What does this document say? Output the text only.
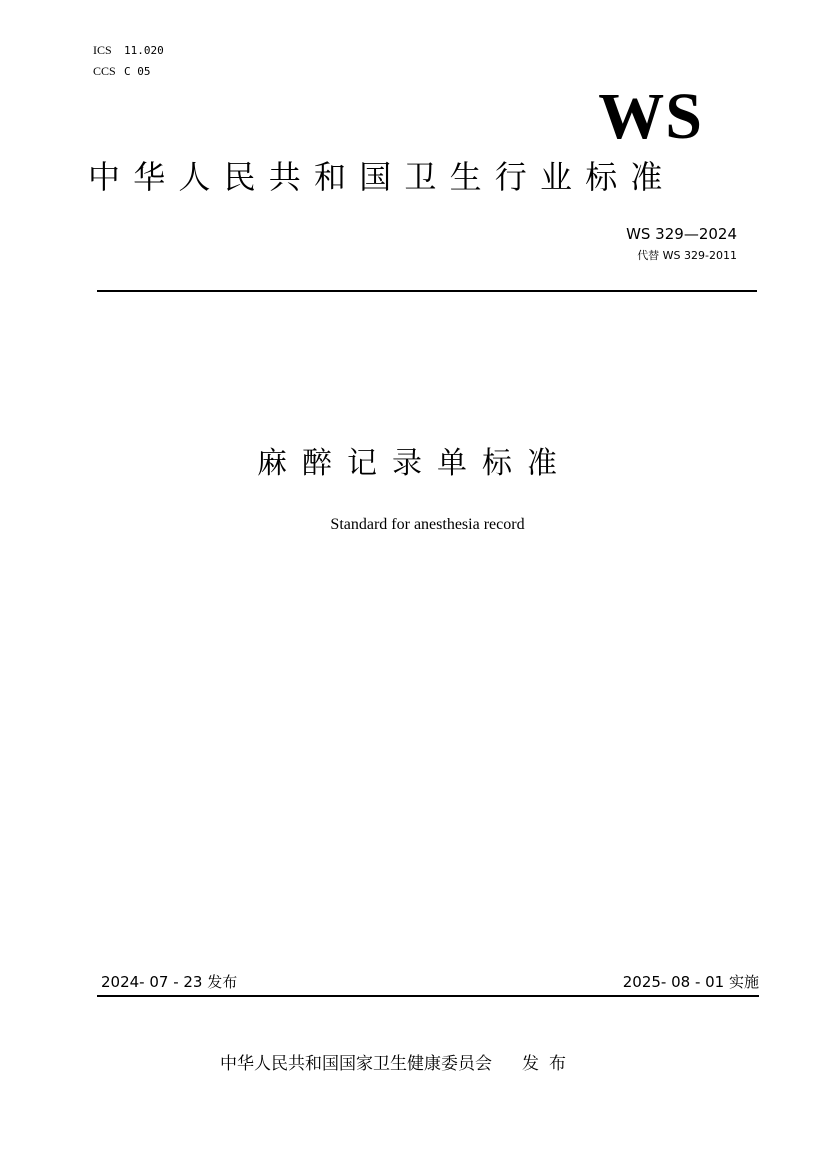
ICS 11.020
CCS C 05
WS
中华人民共和国卫生行业标准
WS 329—2024
代替 WS 329-2011
麻醉记录单标准
Standard for anesthesia record
2024- 07 - 23 发布	2025- 08 - 01 实施
中华人民共和国国家卫生健康委员会 发布
